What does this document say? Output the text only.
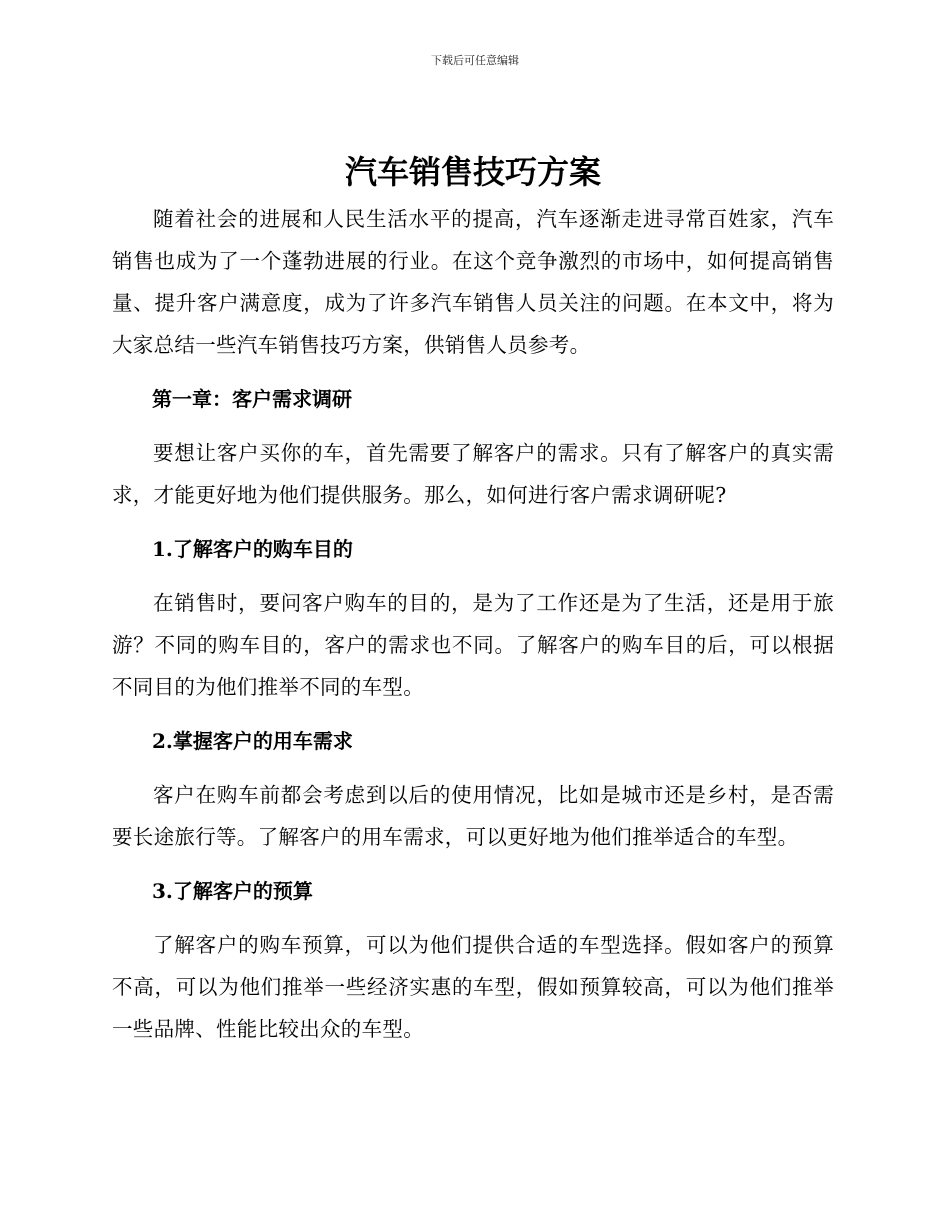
下载后可任意编辑
汽车销售技巧方案

随着社会的进展和人民生活水平的提高，汽车逐渐走进寻常百姓家，汽车销售也成为了一个蓬勃进展的行业。在这个竞争激烈的市场中，如何提高销售量、提升客户满意度，成为了许多汽车销售人员关注的问题。在本文中，将为大家总结一些汽车销售技巧方案，供销售人员参考。

第一章：客户需求调研

要想让客户买你的车，首先需要了解客户的需求。只有了解客户的真实需求，才能更好地为他们提供服务。那么，如何进行客户需求调研呢?

1.了解客户的购车目的

在销售时，要问客户购车的目的，是为了工作还是为了生活，还是用于旅游？不同的购车目的，客户的需求也不同。了解客户的购车目的后，可以根据不同目的为他们推举不同的车型。

2.掌握客户的用车需求

客户在购车前都会考虑到以后的使用情况，比如是城市还是乡村，是否需要长途旅行等。了解客户的用车需求，可以更好地为他们推举适合的车型。

3.了解客户的预算

了解客户的购车预算，可以为他们提供合适的车型选择。假如客户的预算不高，可以为他们推举一些经济实惠的车型，假如预算较高，可以为他们推举一些品牌、性能比较出众的车型。
